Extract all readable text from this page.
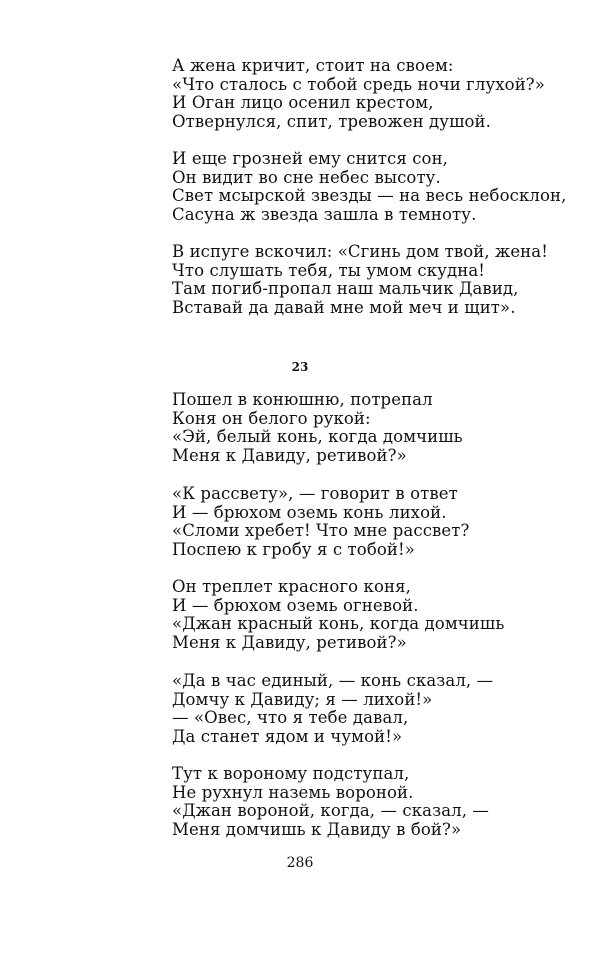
А жена кричит, стоит на своем:
«Что сталось с тобой средь ночи глухой?»
И Оган лицо осенил крестом,
Отвернулся, спит, тревожен душой.
И еще грозней ему снится сон,
Он видит во сне небес высоту.
Свет мсырской звезды — на весь небосклон,
Сасуна ж звезда зашла в темноту.
В испуге вскочил: «Сгинь дом твой, жена!
Что слушать тебя, ты умом скудна!
Там погиб-пропал наш мальчик Давид,
Вставай да давай мне мой меч и щит».
23
Пошел в конюшню, потрепал
Коня он белого рукой:
«Эй, белый конь, когда домчишь
Меня к Давиду, ретивой?»
«К рассвету», — говорит в ответ
И — брюхом оземь конь лихой.
«Сломи хребет! Что мне рассвет?
Поспею к гробу я с тобой!»
Он треплет красного коня,
И — брюхом оземь огневой.
«Джан красный конь, когда домчишь
Меня к Давиду, ретивой?»
«Да в час единый, — конь сказал, —
Домчу к Давиду; я — лихой!»
— «Овес, что я тебе давал,
Да станет ядом и чумой!»
Тут к вороному подступал,
Не рухнул наземь вороной.
«Джан вороной, когда, — сказал, —
Меня домчишь к Давиду в бой?»
286
